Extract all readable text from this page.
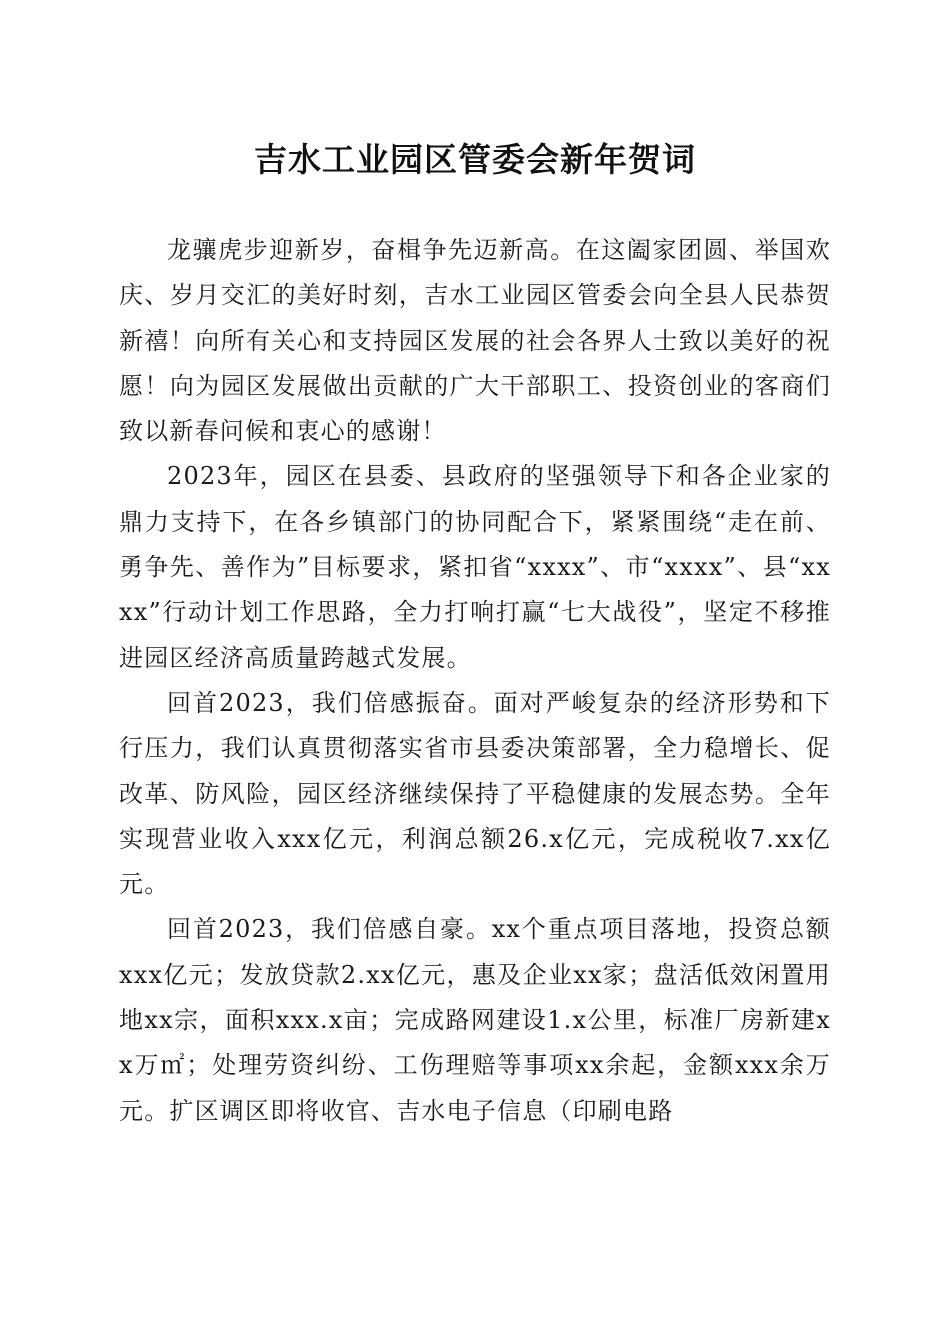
吉水工业园区管委会新年贺词

龙骧虎步迎新岁，奋楫争先迈新高。在这阖家团圆、举国欢庆、岁月交汇的美好时刻，吉水工业园区管委会向全县人民恭贺新禧！向所有关心和支持园区发展的社会各界人士致以美好的祝愿！向为园区发展做出贡献的广大干部职工、投资创业的客商们致以新春问候和衷心的感谢！

2023年，园区在县委、县政府的坚强领导下和各企业家的鼎力支持下，在各乡镇部门的协同配合下，紧紧围绕“走在前、勇争先、善作为”目标要求，紧扣省“xxxx”、市“xxxx”、县“xxxx”行动计划工作思路，全力打响打赢“七大战役”，坚定不移推进园区经济高质量跨越式发展。

回首2023，我们倍感振奋。面对严峻复杂的经济形势和下行压力，我们认真贯彻落实省市县委决策部署，全力稳增长、促改革、防风险，园区经济继续保持了平稳健康的发展态势。全年实现营业收入xxx亿元，利润总额26.x亿元，完成税收7.xx亿元。

回首2023，我们倍感自豪。xx个重点项目落地，投资总额xxx亿元；发放贷款2.xx亿元，惠及企业xx家；盘活低效闲置用地xx宗，面积xxx.x亩；完成路网建设1.x公里，标准厂房新建xx万㎡；处理劳资纠纷、工伤理赔等事项xx余起，金额xxx余万元。扩区调区即将收官、吉水电子信息（印刷电路
